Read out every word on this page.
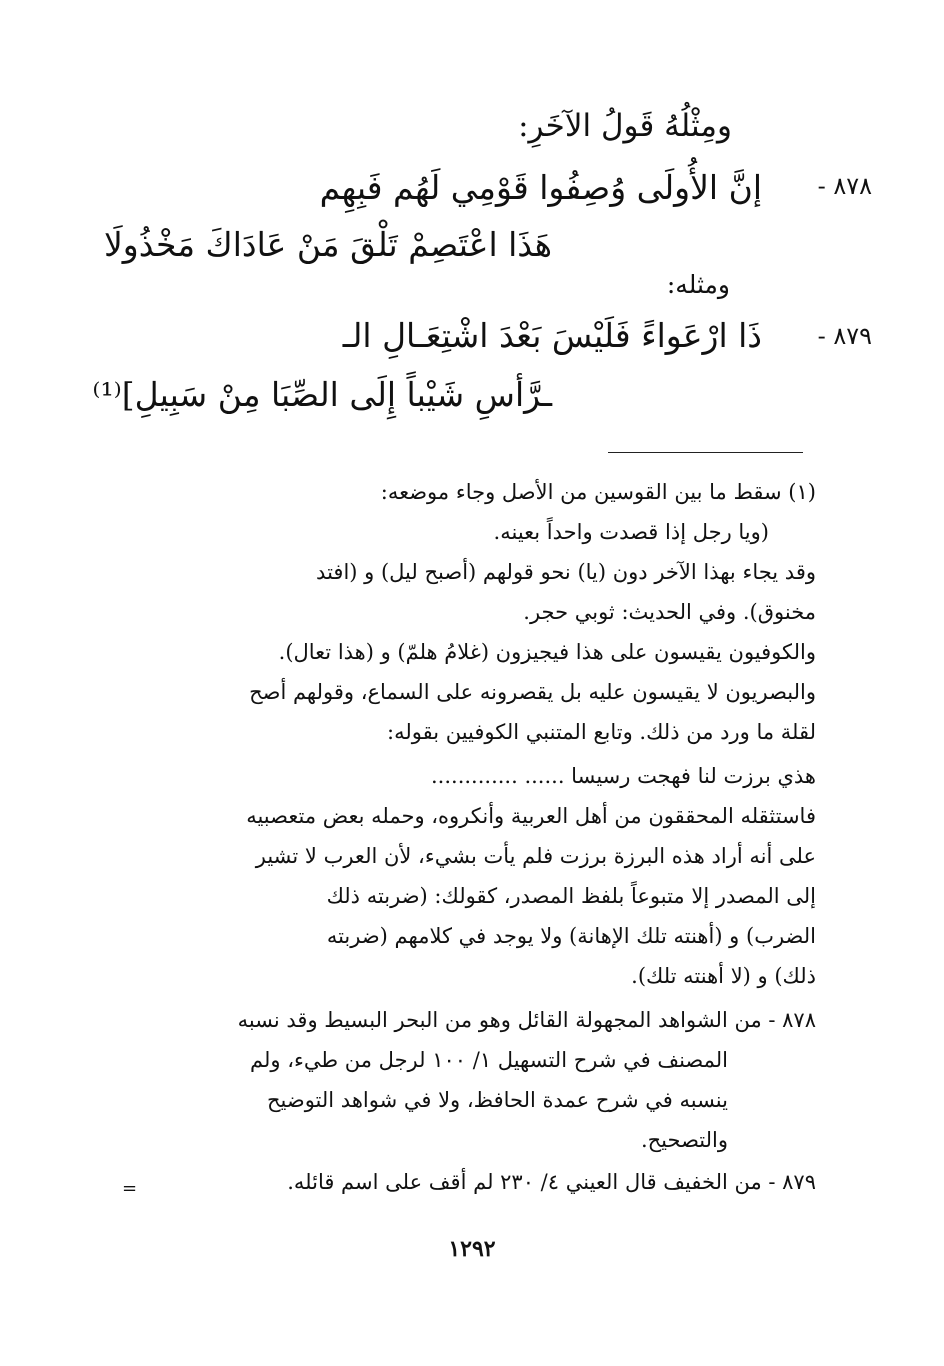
ومِثْلُهُ قَولُ الآخَرِ:
٨٧٨ -
إنَّ الأُولَى وُصِفُوا قَوْمِي لَهُم فَبِهِم
هَذَا اعْتَصِمْ تَلْقَ مَنْ عَادَاكَ مَخْذُولَا
ومثله:
٨٧٩ -
ذَا ارْعَواءً فَلَيْسَ بَعْدَ اشْتِعَـالِ الـ
ـرَّأسِ شَيْباً إِلَى الصِّبَا مِنْ سَبِيلِ]⁽¹⁾
(١) سقط ما بين القوسين من الأصل وجاء موضعه:
(ويا رجل إذا قصدت واحداً بعينه.
وقد يجاء بهذا الآخر دون (يا) نحو قولهم (أصبح ليل) و (افتد
مخنوق). وفي الحديث: ثوبي حجر.
والكوفيون يقيسون على هذا فيجيزون (غلامُ هلمّ) و (هذا تعال).
والبصريون لا يقيسون عليه بل يقصرونه على السماع، وقولهم أصح
لقلة ما ورد من ذلك. وتابع المتنبي الكوفيين بقوله:
هذي برزت لنا فهجت رسيسا ...... .............
فاستثقله المحققون من أهل العربية وأنكروه، وحمله بعض متعصبيه
على أنه أراد هذه البرزة برزت فلم يأت بشيء، لأن العرب لا تشير
إلى المصدر إلا متبوعاً بلفظ المصدر، كقولك: (ضربته ذلك
الضرب) و (أهنته تلك الإهانة) ولا يوجد في كلامهم (ضربته
ذلك) و (لا أهنته تلك).
٨٧٨ - من الشواهد المجهولة القائل وهو من البحر البسيط وقد نسبه
المصنف في شرح التسهيل ١/ ١٠٠ لرجل من طيء، ولم
ينسبه في شرح عمدة الحافظ، ولا في شواهد التوضيح
والتصحيح.
٨٧٩ - من الخفيف قال العيني ٤/ ٢٣٠ لم أقف على اسم قائله.
=
١٢٩٢
